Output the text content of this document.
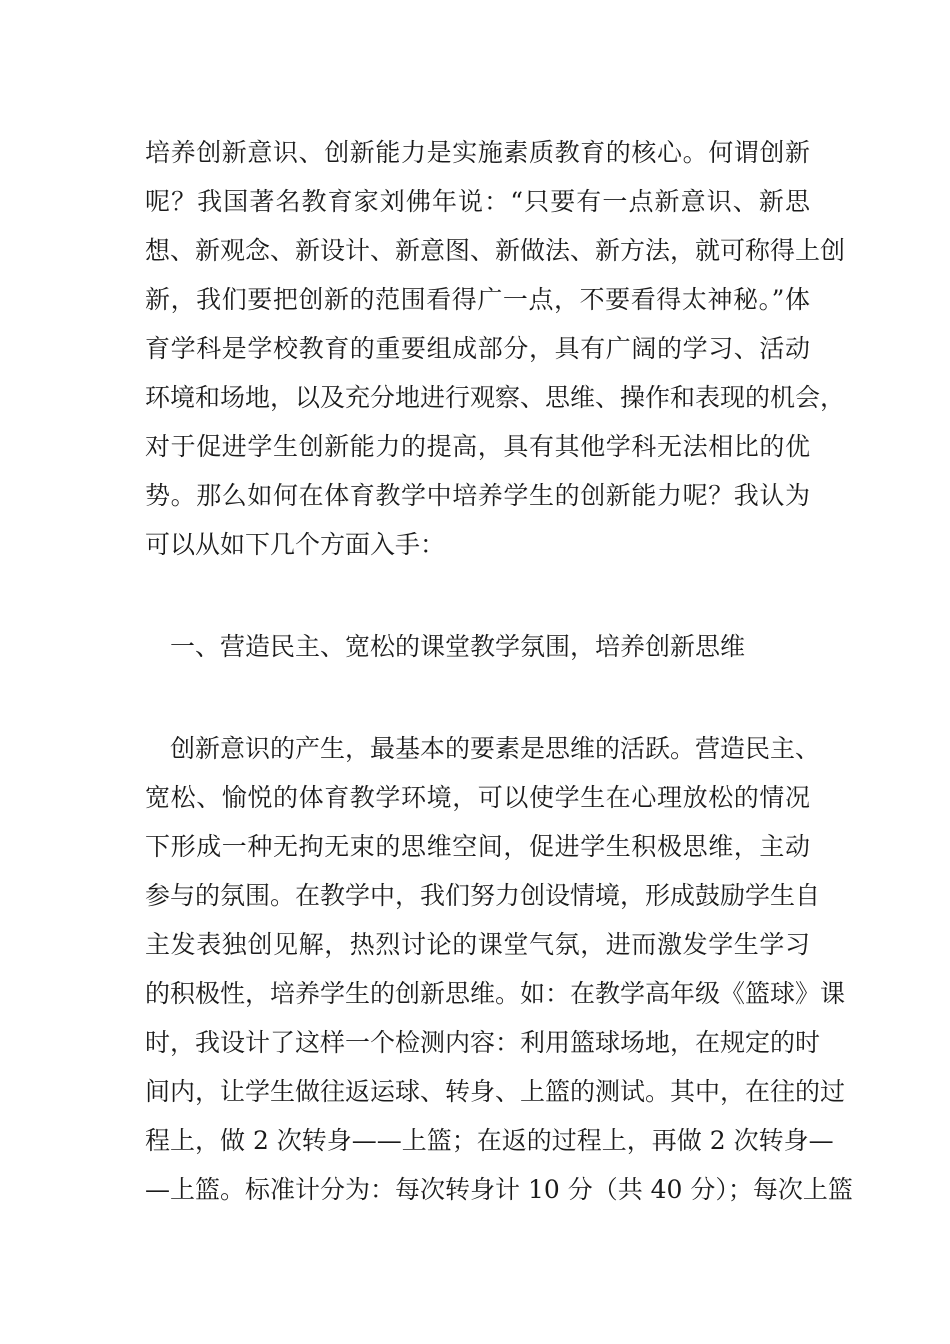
培养创新意识、创新能力是实施素质教育的核心。何谓创新
呢？我国著名教育家刘佛年说：“只要有一点新意识、新思
想、新观念、新设计、新意图、新做法、新方法，就可称得上创
新，我们要把创新的范围看得广一点，不要看得太神秘。”体
育学科是学校教育的重要组成部分，具有广阔的学习、活动
环境和场地，以及充分地进行观察、思维、操作和表现的机会，
对于促进学生创新能力的提高，具有其他学科无法相比的优
势。那么如何在体育教学中培养学生的创新能力呢？我认为
可以从如下几个方面入手：
一、营造民主、宽松的课堂教学氛围，培养创新思维
创新意识的产生，最基本的要素是思维的活跃。营造民主、
宽松、愉悦的体育教学环境，可以使学生在心理放松的情况
下形成一种无拘无束的思维空间，促进学生积极思维，主动
参与的氛围。在教学中，我们努力创设情境，形成鼓励学生自
主发表独创见解，热烈讨论的课堂气氛，进而激发学生学习
的积极性，培养学生的创新思维。如：在教学高年级《篮球》课
时，我设计了这样一个检测内容：利用篮球场地，在规定的时
间内，让学生做往返运球、转身、上篮的测试。其中，在往的过
程上，做 2 次转身——上篮；在返的过程上，再做 2 次转身—
—上篮。标准计分为：每次转身计 10 分（共 40 分）；每次上篮
